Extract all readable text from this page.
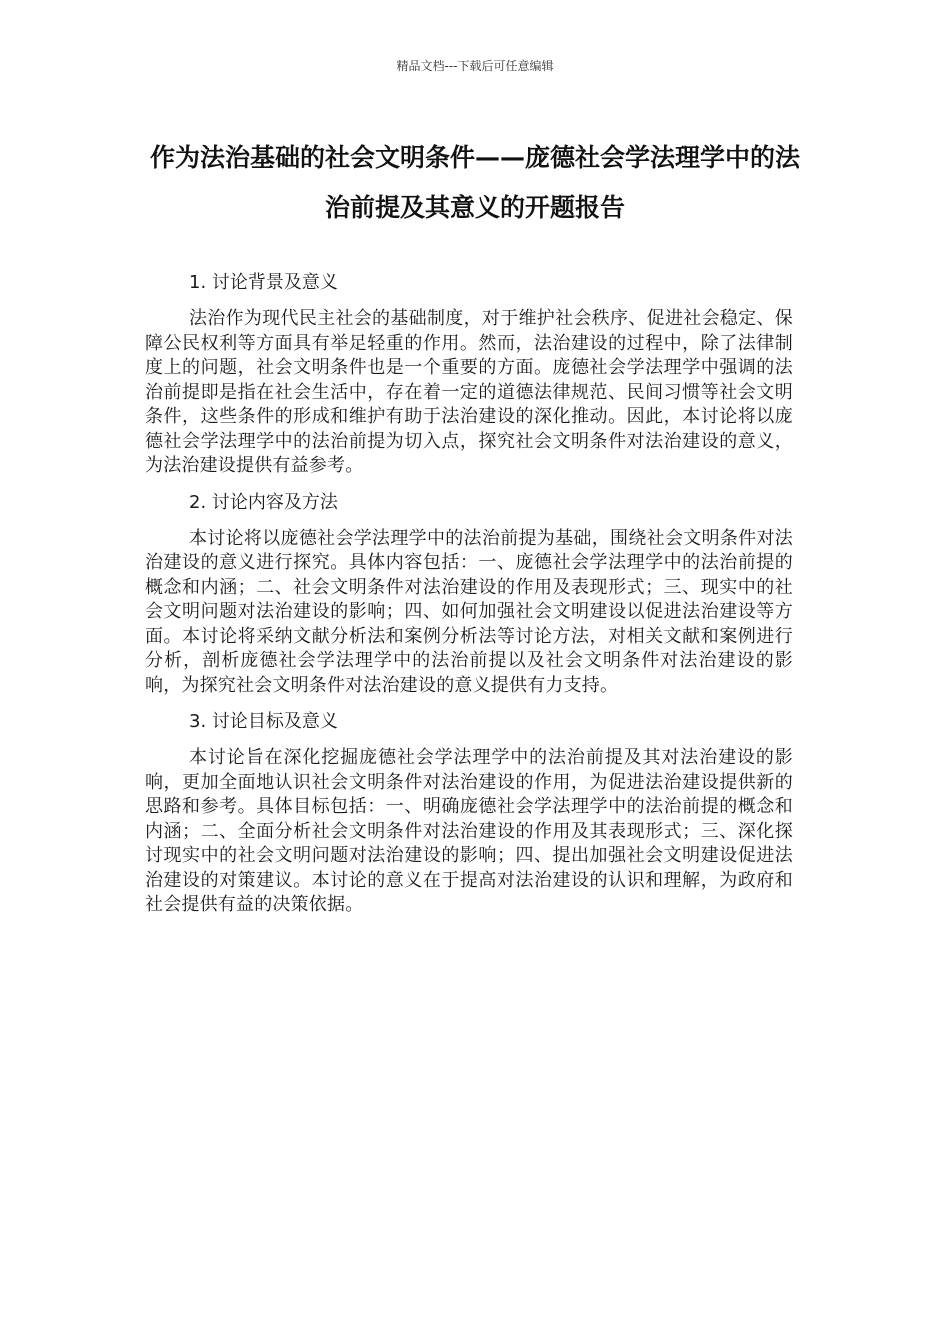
精品文档---下载后可任意编辑
作为法治基础的社会文明条件——庞德社会学法理学中的法治前提及其意义的开题报告
1. 讨论背景及意义

法治作为现代民主社会的基础制度，对于维护社会秩序、促进社会稳定、保障公民权利等方面具有举足轻重的作用。然而，法治建设的过程中，除了法律制度上的问题，社会文明条件也是一个重要的方面。庞德社会学法理学中强调的法治前提即是指在社会生活中，存在着一定的道德法律规范、民间习惯等社会文明条件，这些条件的形成和维护有助于法治建设的深化推动。因此，本讨论将以庞德社会学法理学中的法治前提为切入点，探究社会文明条件对法治建设的意义，为法治建设提供有益参考。

2. 讨论内容及方法

本讨论将以庞德社会学法理学中的法治前提为基础，围绕社会文明条件对法治建设的意义进行探究。具体内容包括：一、庞德社会学法理学中的法治前提的概念和内涵；二、社会文明条件对法治建设的作用及表现形式；三、现实中的社会文明问题对法治建设的影响；四、如何加强社会文明建设以促进法治建设等方面。本讨论将采纳文献分析法和案例分析法等讨论方法，对相关文献和案例进行分析，剖析庞德社会学法理学中的法治前提以及社会文明条件对法治建设的影响，为探究社会文明条件对法治建设的意义提供有力支持。

3. 讨论目标及意义

本讨论旨在深化挖掘庞德社会学法理学中的法治前提及其对法治建设的影响，更加全面地认识社会文明条件对法治建设的作用，为促进法治建设提供新的思路和参考。具体目标包括：一、明确庞德社会学法理学中的法治前提的概念和内涵；二、全面分析社会文明条件对法治建设的作用及其表现形式；三、深化探讨现实中的社会文明问题对法治建设的影响；四、提出加强社会文明建设促进法治建设的对策建议。本讨论的意义在于提高对法治建设的认识和理解，为政府和社会提供有益的决策依据。
